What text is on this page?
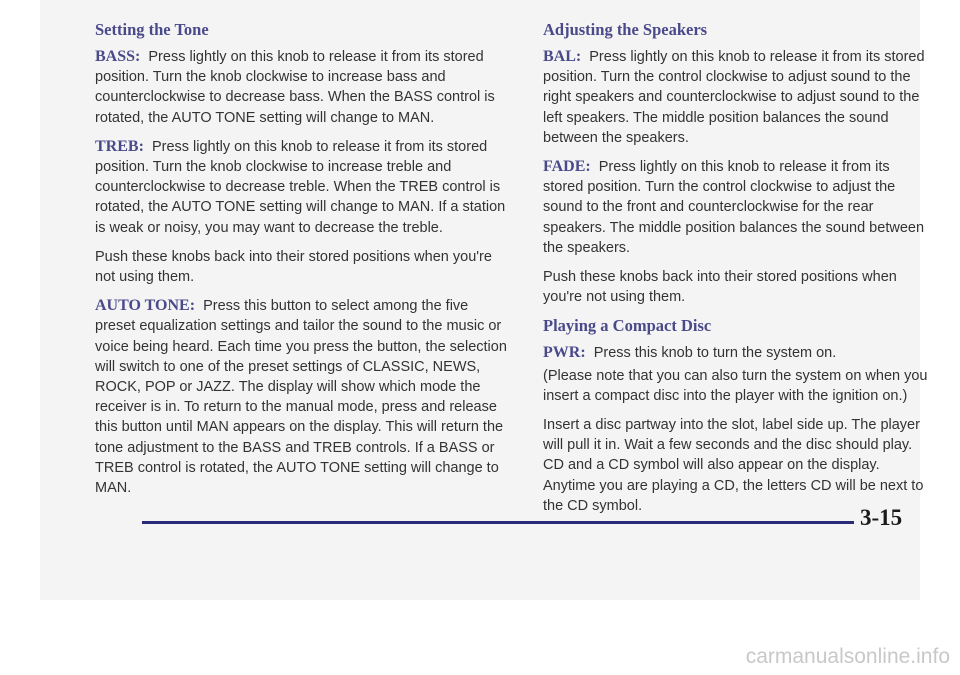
Setting the Tone

BASS: Press lightly on this knob to release it from its stored position. Turn the knob clockwise to increase bass and counterclockwise to decrease bass. When the BASS control is rotated, the AUTO TONE setting will change to MAN.

TREB: Press lightly on this knob to release it from its stored position. Turn the knob clockwise to increase treble and counterclockwise to decrease treble. When the TREB control is rotated, the AUTO TONE setting will change to MAN. If a station is weak or noisy, you may want to decrease the treble.

Push these knobs back into their stored positions when you're not using them.

AUTO TONE: Press this button to select among the five preset equalization settings and tailor the sound to the music or voice being heard. Each time you press the button, the selection will switch to one of the preset settings of CLASSIC, NEWS, ROCK, POP or JAZZ. The display will show which mode the receiver is in. To return to the manual mode, press and release this button until MAN appears on the display. This will return the tone adjustment to the BASS and TREB controls. If a BASS or TREB control is rotated, the AUTO TONE setting will change to MAN.

Adjusting the Speakers

BAL: Press lightly on this knob to release it from its stored position. Turn the control clockwise to adjust sound to the right speakers and counterclockwise to adjust sound to the left speakers. The middle position balances the sound between the speakers.

FADE: Press lightly on this knob to release it from its stored position. Turn the control clockwise to adjust the sound to the front and counterclockwise for the rear speakers. The middle position balances the sound between the speakers.

Push these knobs back into their stored positions when you're not using them.

Playing a Compact Disc

PWR: Press this knob to turn the system on.

(Please note that you can also turn the system on when you insert a compact disc into the player with the ignition on.)

Insert a disc partway into the slot, label side up. The player will pull it in. Wait a few seconds and the disc should play. CD and a CD symbol will also appear on the display. Anytime you are playing a CD, the letters CD will be next to the CD symbol.	3-15
carmanualsonline.info
